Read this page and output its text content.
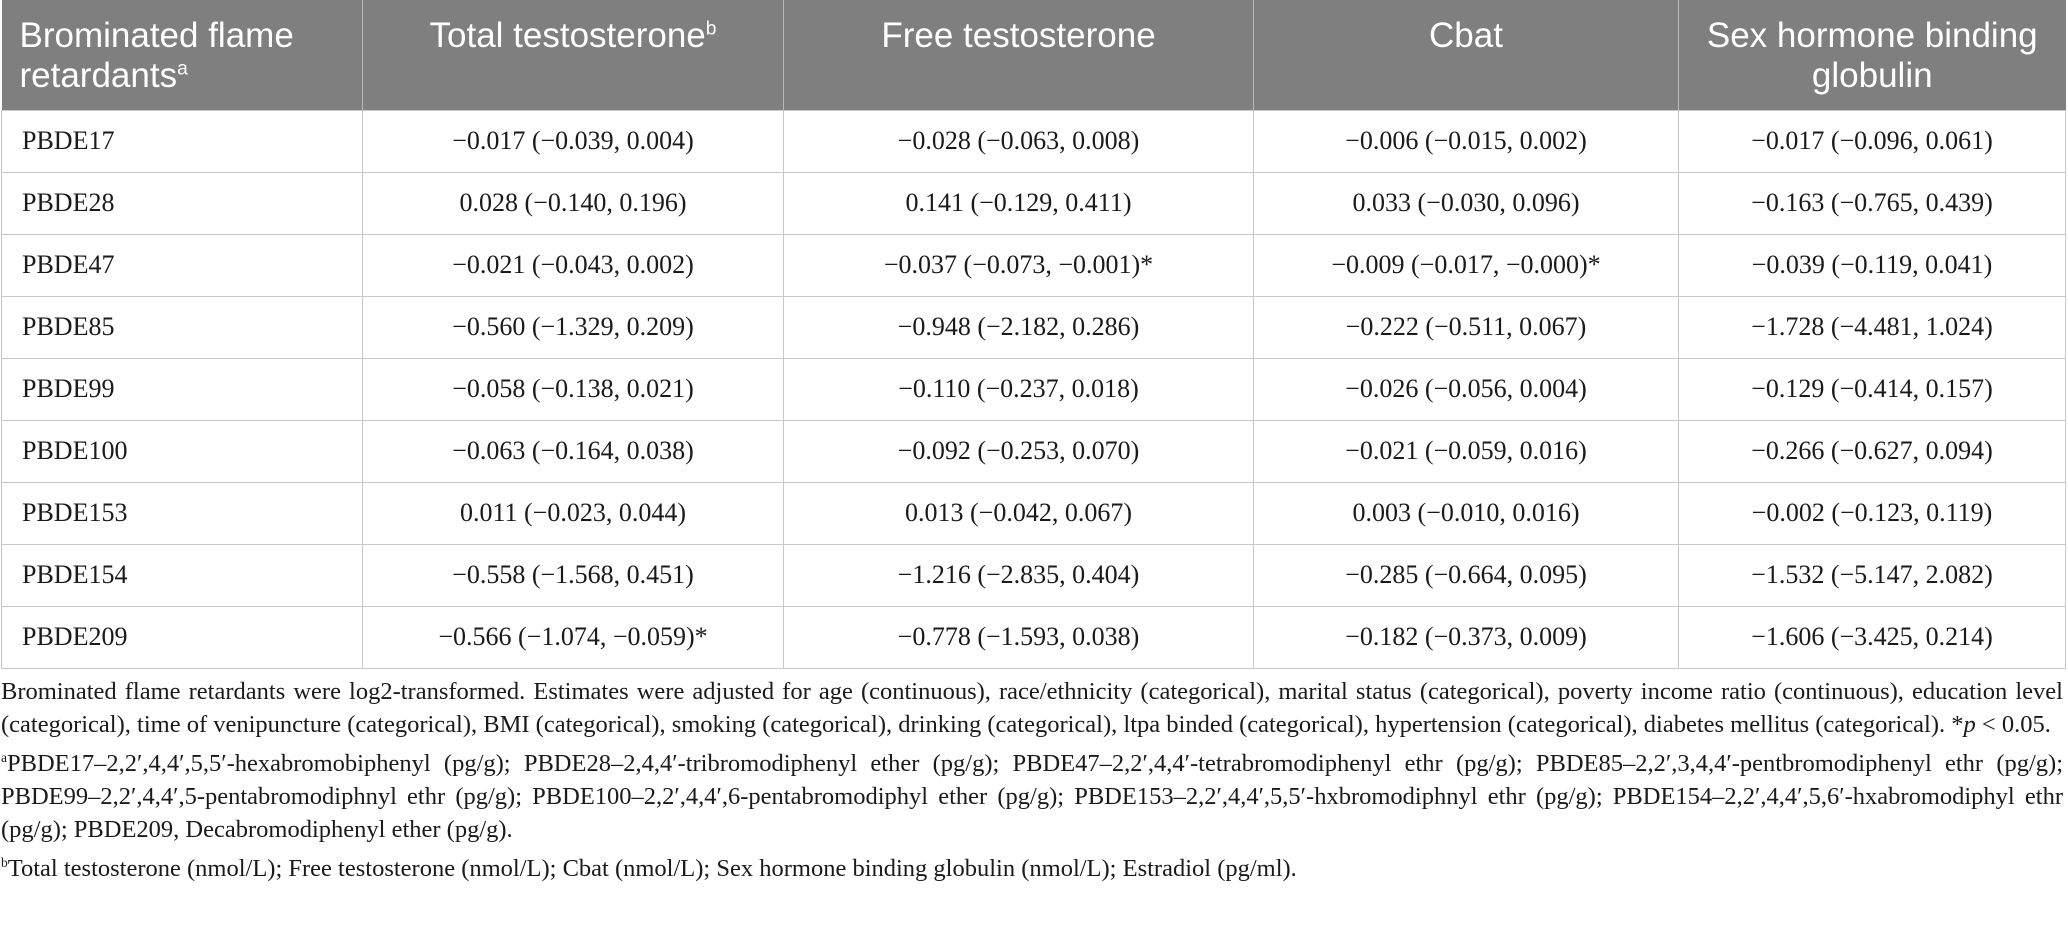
Brominated flame retardants$^a$	Total testosterone$^b$	Free testosterone	Cbat	Sex hormone binding globulin
PBDE17	−0.017 (−0.039, 0.004)	−0.028 (−0.063, 0.008)	−0.006 (−0.015, 0.002)	−0.017 (−0.096, 0.061)
PBDE28	0.028 (−0.140, 0.196)	0.141 (−0.129, 0.411)	0.033 (−0.030, 0.096)	−0.163 (−0.765, 0.439)
PBDE47	−0.021 (−0.043, 0.002)	−0.037 (−0.073, −0.001)*	−0.009 (−0.017, −0.000)*	−0.039 (−0.119, 0.041)
PBDE85	−0.560 (−1.329, 0.209)	−0.948 (−2.182, 0.286)	−0.222 (−0.511, 0.067)	−1.728 (−4.481, 1.024)
PBDE99	−0.058 (−0.138, 0.021)	−0.110 (−0.237, 0.018)	−0.026 (−0.056, 0.004)	−0.129 (−0.414, 0.157)
PBDE100	−0.063 (−0.164, 0.038)	−0.092 (−0.253, 0.070)	−0.021 (−0.059, 0.016)	−0.266 (−0.627, 0.094)
PBDE153	0.011 (−0.023, 0.044)	0.013 (−0.042, 0.067)	0.003 (−0.010, 0.016)	−0.002 (−0.123, 0.119)
PBDE154	−0.558 (−1.568, 0.451)	−1.216 (−2.835, 0.404)	−0.285 (−0.664, 0.095)	−1.532 (−5.147, 2.082)
PBDE209	−0.566 (−1.074, −0.059)*	−0.778 (−1.593, 0.038)	−0.182 (−0.373, 0.009)	−1.606 (−3.425, 0.214)

Brominated flame retardants were log2-transformed. Estimates were adjusted for age (continuous), race/ethnicity (categorical), marital status (categorical), poverty income ratio (continuous), education level (categorical), time of venipuncture (categorical), BMI (categorical), smoking (categorical), drinking (categorical), ltpa binded (categorical), hypertension (categorical), diabetes mellitus (categorical). *p < 0.05.

$^a$PBDE17–2,2′,4,4′,5,5′-hexabromobiphenyl (pg/g); PBDE28–2,4,4′-tribromodiphenyl ether (pg/g); PBDE47–2,2′,4,4′-tetrabromodiphenyl ethr (pg/g); PBDE85–2,2′,3,4,4′-pentbromodiphenyl ethr (pg/g); PBDE99–2,2′,4,4′,5-pentabromodiphnyl ethr (pg/g); PBDE100–2,2′,4,4′,6-pentabromodiphyl ether (pg/g); PBDE153–2,2′,4,4′,5,5′-hxbromodiphnyl ethr (pg/g); PBDE154–2,2′,4,4′,5,6′-hxabromodiphyl ethr (pg/g); PBDE209, Decabromodiphenyl ether (pg/g).

$^b$Total testosterone (nmol/L); Free testosterone (nmol/L); Cbat (nmol/L); Sex hormone binding globulin (nmol/L); Estradiol (pg/ml).
